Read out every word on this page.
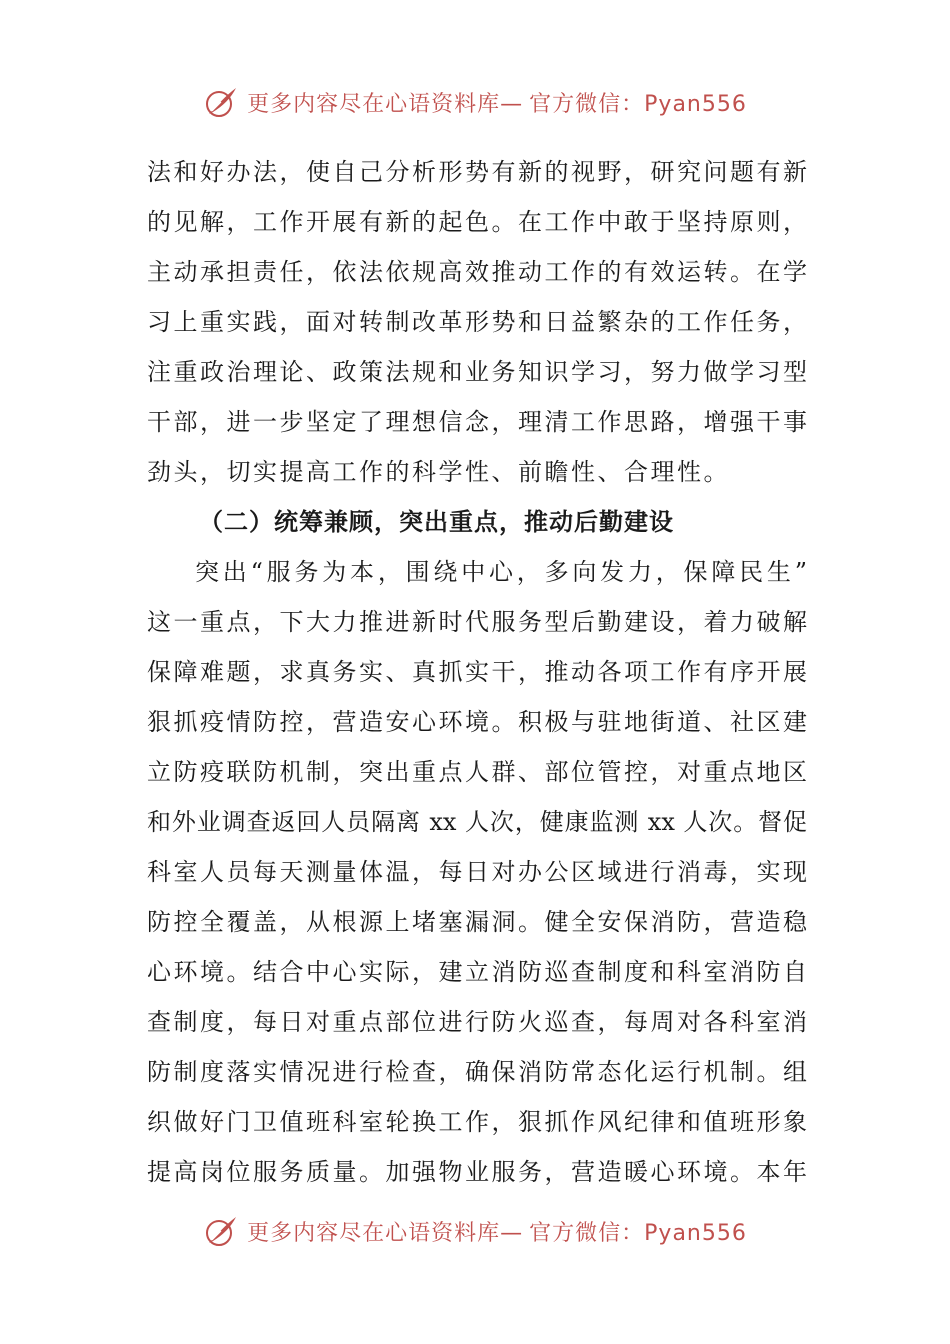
更多内容尽在心语资料库— 官方微信：Pyan556
法和好办法，使自己分析形势有新的视野，研究问题有新
的见解，工作开展有新的起色。在工作中敢于坚持原则，
主动承担责任，依法依规高效推动工作的有效运转。在学
习上重实践，面对转制改革形势和日益繁杂的工作任务，
注重政治理论、政策法规和业务知识学习，努力做学习型
干部，进一步坚定了理想信念，理清工作思路，增强干事
劲头，切实提高工作的科学性、前瞻性、合理性。
（二）统筹兼顾，突出重点，推动后勤建设
突出“服务为本，围绕中心，多向发力，保障民生”
这一重点，下大力推进新时代服务型后勤建设，着力破解
保障难题，求真务实、真抓实干，推动各项工作有序开展
狠抓疫情防控，营造安心环境。积极与驻地街道、社区建
立防疫联防机制，突出重点人群、部位管控，对重点地区
和外业调查返回人员隔离 xx 人次，健康监测 xx 人次。督促
科室人员每天测量体温，每日对办公区域进行消毒，实现
防控全覆盖，从根源上堵塞漏洞。健全安保消防，营造稳
心环境。结合中心实际，建立消防巡查制度和科室消防自
查制度，每日对重点部位进行防火巡查，每周对各科室消
防制度落实情况进行检查，确保消防常态化运行机制。组
织做好门卫值班科室轮换工作，狠抓作风纪律和值班形象
提高岗位服务质量。加强物业服务，营造暖心环境。本年
更多内容尽在心语资料库— 官方微信：Pyan556
